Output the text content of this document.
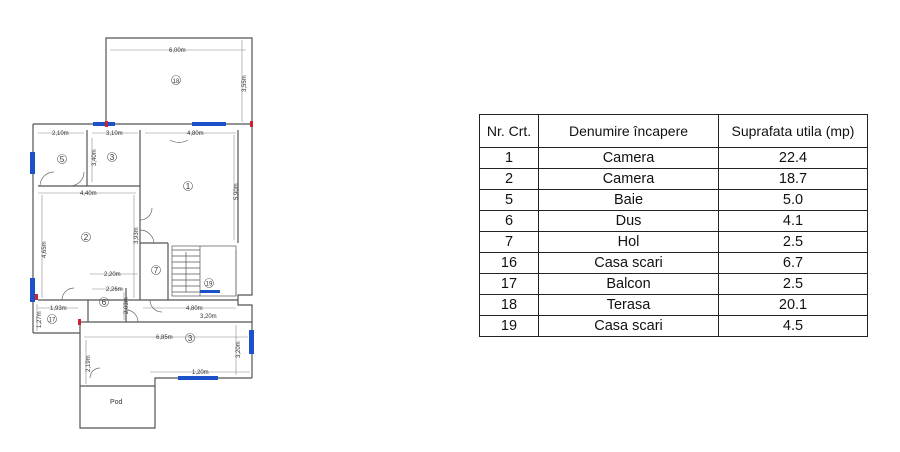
6,00m
3,55m
2,10m	3,10m	4,80m
3,40m
4,40m	5,90m
4,65m
3,93m
2,20m
2,26m
2,03m
1,93m
1,27m	3,20m
4,80m
6,85m
3,20m
2,19m
1,20m
18
5	3
1
2
7
19
6
17
3
Pod
Nr. Crt.	Denumire încapere	Suprafata utila (mp)
1	Camera	22.4
2	Camera	18.7
5	Baie	5.0
6	Dus	4.1
7	Hol	2.5
16	Casa scari	6.7
17	Balcon	2.5
18	Terasa	20.1
19	Casa scari	4.5
